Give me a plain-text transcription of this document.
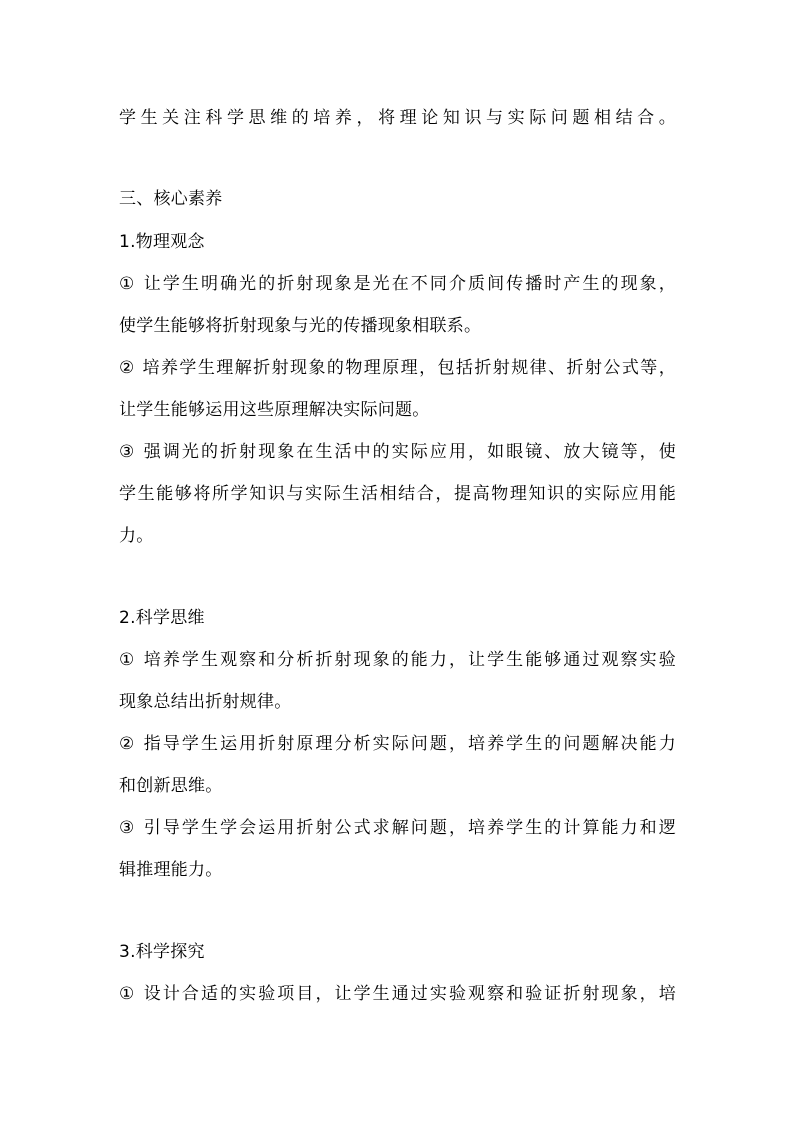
学生关注科学思维的培养，将理论知识与实际问题相结合。
三、核心素养
1.物理观念
① 让学生明确光的折射现象是光在不同介质间传播时产生的现象，
使学生能够将折射现象与光的传播现象相联系。
② 培养学生理解折射现象的物理原理，包括折射规律、折射公式等，
让学生能够运用这些原理解决实际问题。
③ 强调光的折射现象在生活中的实际应用，如眼镜、放大镜等，使
学生能够将所学知识与实际生活相结合，提高物理知识的实际应用能
力。
2.科学思维
① 培养学生观察和分析折射现象的能力，让学生能够通过观察实验
现象总结出折射规律。
② 指导学生运用折射原理分析实际问题，培养学生的问题解决能力
和创新思维。
③ 引导学生学会运用折射公式求解问题，培养学生的计算能力和逻
辑推理能力。
3.科学探究
① 设计合适的实验项目，让学生通过实验观察和验证折射现象，培
